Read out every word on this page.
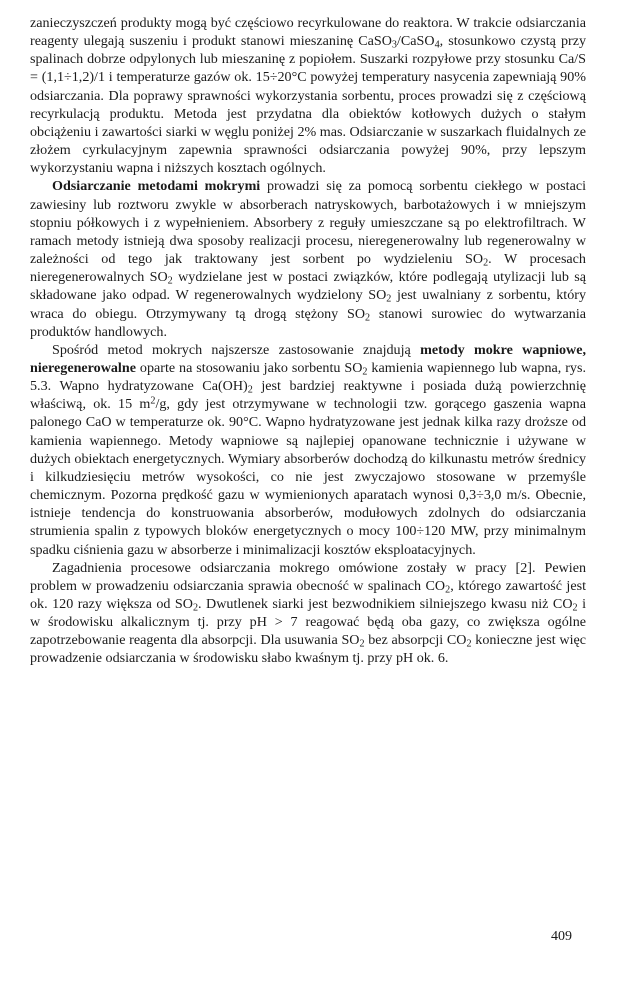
zanieczyszczeń produkty mogą być częściowo recyrkulowane do reaktora. W trakcie odsiarczania reagenty ulegają suszeniu i produkt stanowi mieszaninę CaSO$_3$/CaSO$_4$, stosunkowo czystą przy spalinach dobrze odpylonych lub mieszaninę z popiołem. Suszarki rozpyłowe przy stosunku Ca/S = (1,1÷1,2)/1 i temperaturze gazów ok. 15÷20°C powyżej temperatury nasycenia zapewniają 90% odsiarczania. Dla poprawy sprawności wykorzystania sorbentu, proces prowadzi się z częściową recyrkulacją produktu. Metoda jest przydatna dla obiektów kotłowych dużych o stałym obciążeniu i zawartości siarki w węglu poniżej 2% mas. Odsiarczanie w suszarkach fluidalnych ze złożem cyrkulacyjnym zapewnia sprawności odsiarczania powyżej 90%, przy lepszym wykorzystaniu wapna i niższych kosztach ogólnych.

Odsiarczanie metodami mokrymi prowadzi się za pomocą sorbentu ciekłego w postaci zawiesiny lub roztworu zwykle w absorberach natryskowych, barbotażowych i w mniejszym stopniu półkowych i z wypełnieniem. Absorbery z reguły umieszczane są po elektrofiltrach. W ramach metody istnieją dwa sposoby realizacji procesu, nieregenerowalny lub regenerowalny w zależności od tego jak traktowany jest sorbent po wydzieleniu $SO_2$. W procesach nieregenerowalnych $SO_2$ wydzielane jest w postaci związków, które podlegają utylizacji lub są składowane jako odpad. W regenerowalnych wydzielony $SO_2$ jest uwalniany z sorbentu, który wraca do obiegu. Otrzymywany tą drogą stężony $SO_2$ stanowi surowiec do wytwarzania produktów handlowych.

Spośród metod mokrych najszersze zastosowanie znajdują metody mokre wapniowe, nieregenerowalne oparte na stosowaniu jako sorbentu $SO_2$ kamienia wapiennego lub wapna, rys. 5.3. Wapno hydratyzowane $Ca(OH)_2$ jest bardziej reaktywne i posiada dużą powierzchnię właściwą, ok. 15 $m^2/g$, gdy jest otrzymywane w technologii tzw. gorącego gaszenia wapna palonego CaO w temperaturze ok. 90°C. Wapno hydratyzowane jest jednak kilka razy droższe od kamienia wapiennego. Metody wapniowe są najlepiej opanowane technicznie i używane w dużych obiektach energetycznych. Wymiary absorberów dochodzą do kilkunastu metrów średnicy i kilkudziesięciu metrów wysokości, co nie jest zwyczajowo stosowane w przemyśle chemicznym. Pozorna prędkość gazu w wymienionych aparatach wynosi 0,3÷3,0 m/s. Obecnie, istnieje tendencja do konstruowania absorberów, modułowych zdolnych do odsiarczania strumienia spalin z typowych bloków energetycznych o mocy 100÷120 MW, przy minimalnym spadku ciśnienia gazu w absorberze i minimalizacji kosztów eksploatacyjnych.

Zagadnienia procesowe odsiarczania mokrego omówione zostały w pracy [2]. Pewien problem w prowadzeniu odsiarczania sprawia obecność w spalinach $CO_2$, którego zawartość jest ok. 120 razy większa od $SO_2$. Dwutlenek siarki jest bezwodnikiem silniejszego kwasu niż $CO_2$ i w środowisku alkalicznym tj. przy pH > 7 reagować będą oba gazy, co zwiększa ogólne zapotrzebowanie reagenta dla absorpcji. Dla usuwania $SO_2$ bez absorpcji $CO_2$ konieczne jest więc prowadzenie odsiarczania w środowisku słabo kwaśnym tj. przy pH ok. 6.

409
